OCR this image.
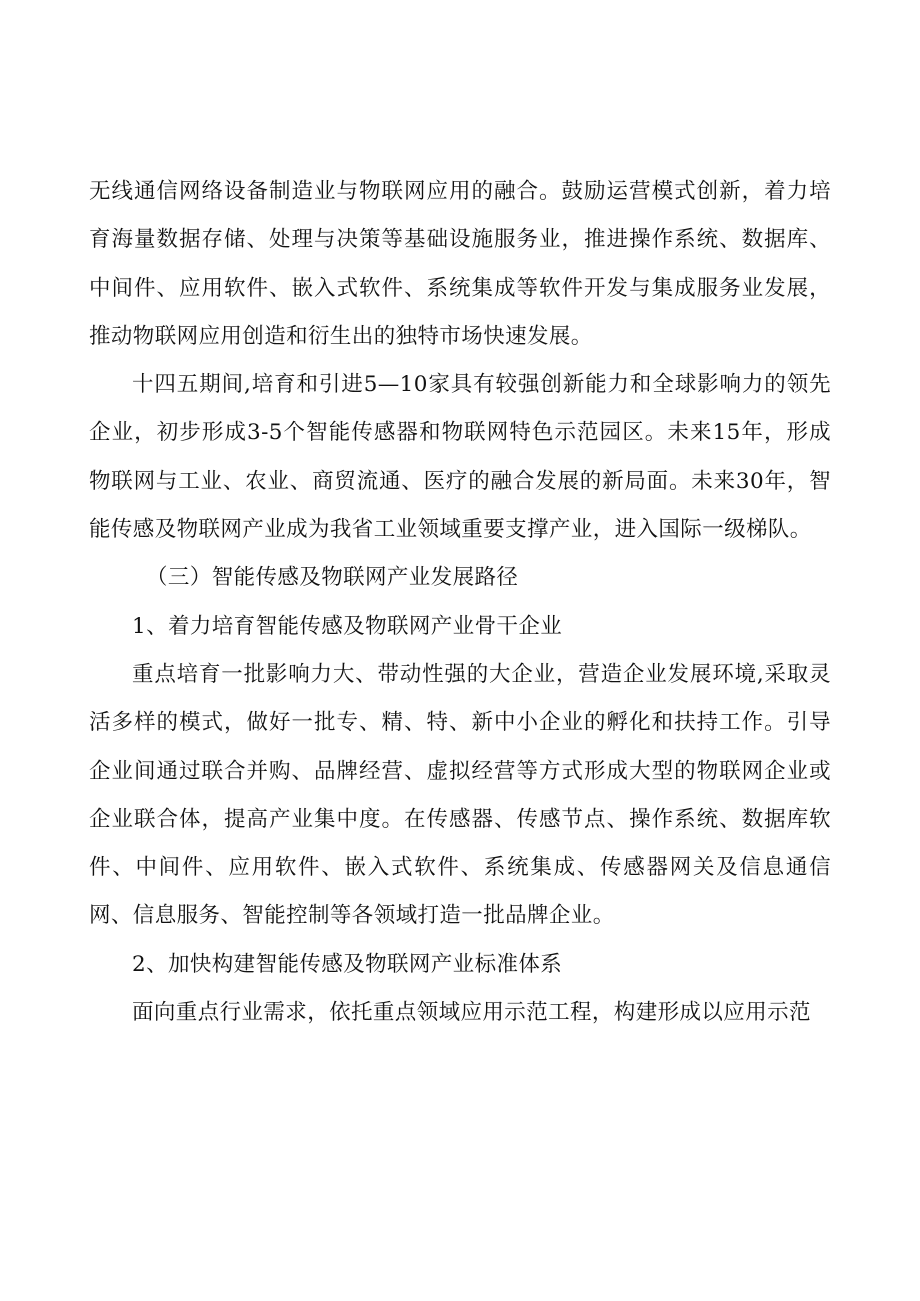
无线通信网络设备制造业与物联网应用的融合。鼓励运营模式创新，着力培育海量数据存储、处理与决策等基础设施服务业，推进操作系统、数据库、中间件、应用软件、嵌入式软件、系统集成等软件开发与集成服务业发展，推动物联网应用创造和衍生出的独特市场快速发展。

十四五期间,培育和引进5—10家具有较强创新能力和全球影响力的领先企业，初步形成3-5个智能传感器和物联网特色示范园区。未来15年，形成物联网与工业、农业、商贸流通、医疗的融合发展的新局面。未来30年，智能传感及物联网产业成为我省工业领域重要支撑产业，进入国际一级梯队。

（三）智能传感及物联网产业发展路径

1、着力培育智能传感及物联网产业骨干企业

重点培育一批影响力大、带动性强的大企业，营造企业发展环境,采取灵活多样的模式，做好一批专、精、特、新中小企业的孵化和扶持工作。引导企业间通过联合并购、品牌经营、虚拟经营等方式形成大型的物联网企业或企业联合体，提高产业集中度。在传感器、传感节点、操作系统、数据库软件、中间件、应用软件、嵌入式软件、系统集成、传感器网关及信息通信网、信息服务、智能控制等各领域打造一批品牌企业。

2、加快构建智能传感及物联网产业标准体系

面向重点行业需求，依托重点领域应用示范工程，构建形成以应用示范
